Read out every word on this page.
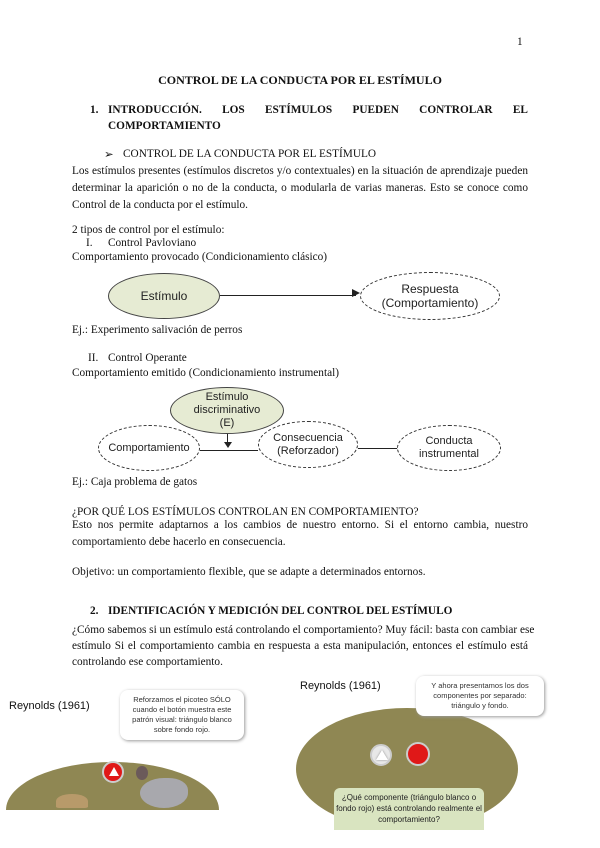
1
CONTROL DE LA CONDUCTA POR EL ESTÍMULO
1. INTRODUCCIÓN. LOS ESTÍMULOS PUEDEN CONTROLAR EL
COMPORTAMIENTO
➢ CONTROL DE LA CONDUCTA POR EL ESTÍMULO
Los estímulos presentes (estímulos discretos y/o contextuales) en la situación de aprendizaje pueden
determinar la aparición o no de la conducta, o modularla de varias maneras. Esto se conoce como
Control de la conducta por el estímulo.
2 tipos de control por el estímulo:
I. Control Pavloviano
Comportamiento provocado (Condicionamiento clásico)
Estímulo	Respuesta
(Comportamiento)
Ej.: Experimento salivación de perros
II. Control Operante
Comportamiento emitido (Condicionamiento instrumental)
Comportamiento
Consecuencia
(Reforzador)
Conducta
instrumental
Estímulo
discriminativo
(E)
Ej.: Caja problema de gatos
¿POR QUÉ LOS ESTÍMULOS CONTROLAN EN COMPORTAMIENTO?
Esto nos permite adaptarnos a los cambios de nuestro entorno. Si el entorno cambia, nuestro
comportamiento debe hacerlo en consecuencia.
Objetivo: un comportamiento flexible, que se adapte a determinados entornos.
2. IDENTIFICACIÓN Y MEDICIÓN DEL CONTROL DEL ESTÍMULO
¿Cómo sabemos si un estímulo está controlando el comportamiento? Muy fácil: basta con cambiar ese
estímulo Si el comportamiento cambia en respuesta a esta manipulación, entonces el estímulo está
controlando ese comportamiento.
Reynolds (1961)
Reforzamos el picoteo SÓLO cuando el botón muestra este patrón visual: triángulo blanco sobre fondo rojo.
Reynolds (1961)
¿Qué componente (triángulo blanco o fondo rojo) está controlando realmente el comportamiento?
Y ahora presentamos los dos componentes por separado: triángulo y fondo.
